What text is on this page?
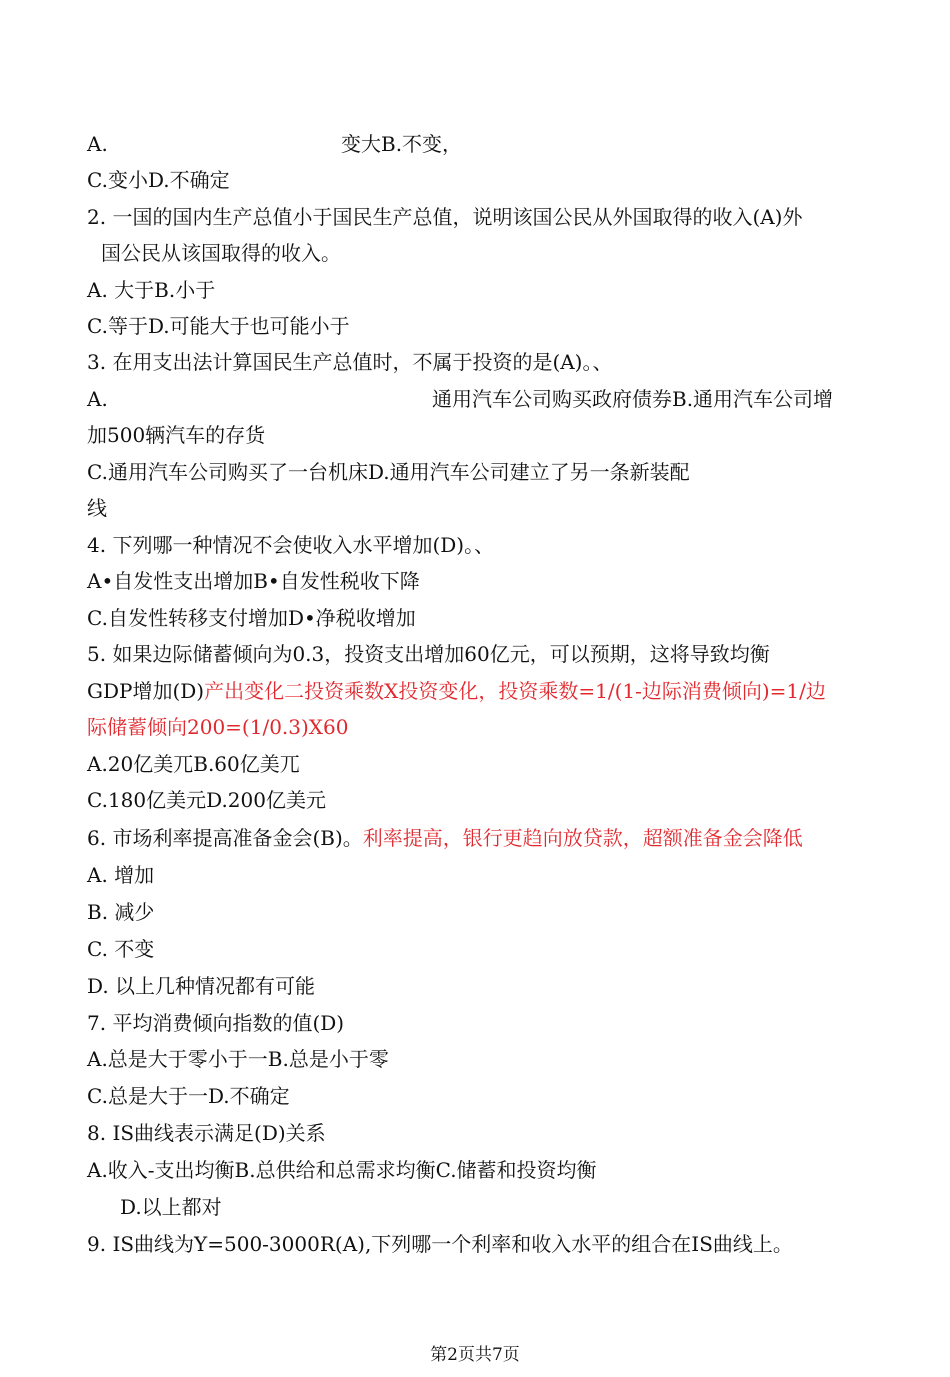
A.	变大B.不变，
C.变小D.不确定
2. 一国的国内生产总值小于国民生产总值，说明该国公民从外国取得的收入(A)外
国公民从该国取得的收入。
A. 大于B.小于
C.等于D.可能大于也可能小于
3. 在用支出法计算国民生产总值时，不属于投资的是(A)。、
A.	通用汽车公司购买政府债券B.通用汽车公司增
加500辆汽车的存货
C.通用汽车公司购买了一台机床D.通用汽车公司建立了另一条新装配
线
4. 下列哪一种情况不会使收入水平增加(D)。、
A•自发性支出增加B•自发性税收下降
C.自发性转移支付增加D•净税收增加
5. 如果边际储蓄倾向为0.3，投资支出增加60亿元，可以预期，这将导致均衡
GDP增加(D)产出变化二投资乘数X投资变化，投资乘数=1/(1-边际消费倾向)=1/边
际储蓄倾向200=(1/0.3)X60
A.20亿美兀B.60亿美兀
C.180亿美元D.200亿美元
6. 市场利率提高准备金会(B)。利率提高，银行更趋向放贷款，超额准备金会降低
A. 增加
B. 减少
C. 不变
D. 以上几种情况都有可能
7. 平均消费倾向指数的值(D)
A.总是大于零小于一B.总是小于零
C.总是大于一D.不确定
8. IS曲线表示满足(D)关系
A.收入-支出均衡B.总供给和总需求均衡C.储蓄和投资均衡
D.以上都对
9. IS曲线为Y=500-3000R(A),下列哪一个利率和收入水平的组合在IS曲线上。
第2页共7页
